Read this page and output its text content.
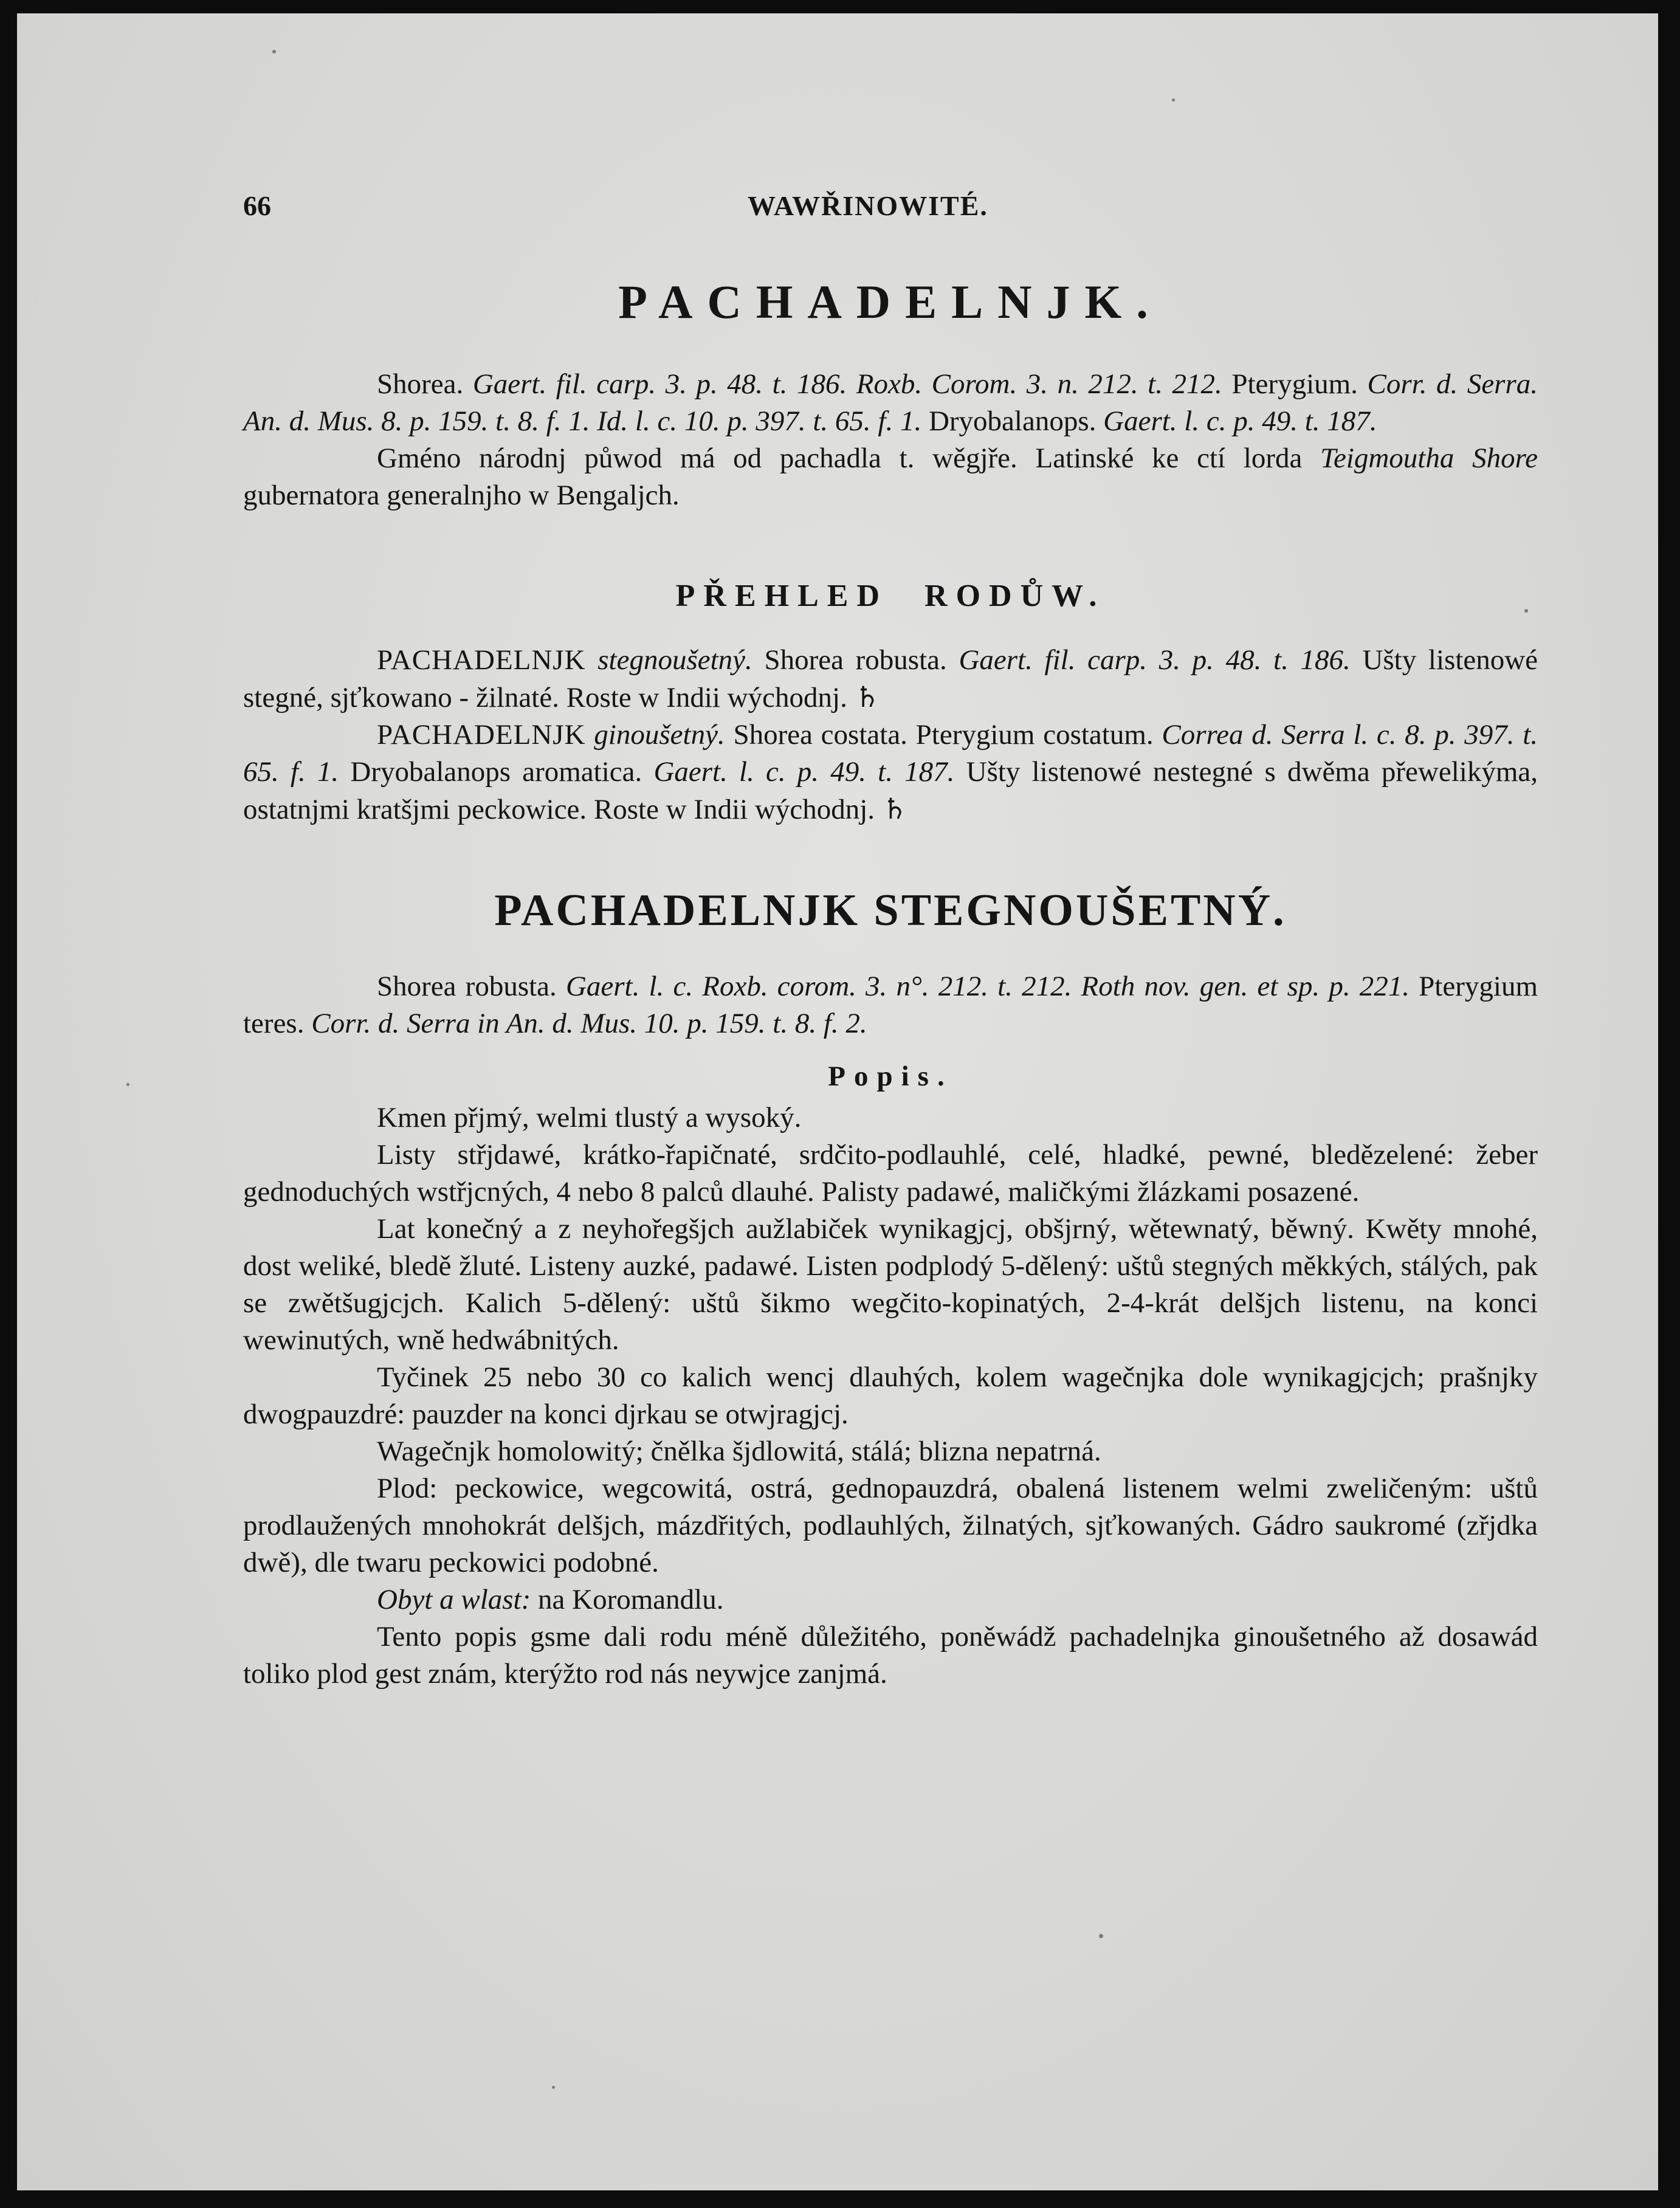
66	WAWŘINOWITÉ.
PACHADELNJK.

Shorea. Gaert. fil. carp. 3. p. 48. t. 186. Roxb. Corom. 3. n. 212. t. 212. Pterygium. Corr. d. Serra. An. d. Mus. 8. p. 159. t. 8. f. 1. Id. l. c. 10. p. 397. t. 65. f. 1. Dryobalanops. Gaert. l. c. p. 49. t. 187.

Gméno národnj půwod má od pachadla t. wěgjře. Latinské ke ctí lorda Teigmoutha Shore gubernatora generalnjho w Bengaljch.

PŘEHLED RODŮW.

PACHADELNJK stegnoušetný. Shorea robusta. Gaert. fil. carp. 3. p. 48. t. 186. Ušty listenowé stegné, sjťkowano - žilnaté. Roste w Indii wýchodnj. ♄

PACHADELNJK ginoušetný. Shorea costata. Pterygium costatum. Correa d. Serra l. c. 8. p. 397. t. 65. f. 1. Dryobalanops aromatica. Gaert. l. c. p. 49. t. 187. Ušty listenowé nestegné s dwěma přewelikýma, ostatnjmi kratšjmi peckowice. Roste w Indii wýchodnj. ♄

PACHADELNJK STEGNOUŠETNÝ.

Shorea robusta. Gaert. l. c. Roxb. corom. 3. n°. 212. t. 212. Roth nov. gen. et sp. p. 221. Pterygium teres. Corr. d. Serra in An. d. Mus. 10. p. 159. t. 8. f. 2.

Popis.

Kmen přjmý, welmi tlustý a wysoký.

Listy střjdawé, krátko-řapičnaté, srdčito-podlauhlé, celé, hladké, pewné, bledězelené: žeber gednoduchých wstřjcných, 4 nebo 8 palců dlauhé. Palisty padawé, maličkými žlázkami posazené.

Lat konečný a z neyhořegšjch aužlabiček wynikagjcj, obšjrný, wětewnatý, běwný. Kwěty mnohé, dost weliké, bledě žluté. Listeny auzké, padawé. Listen podplodý 5-dělený: uštů stegných měkkých, stálých, pak se zwětšugjcjch. Kalich 5-dělený: uštů šikmo wegčito-kopinatých, 2-4-krát delšjch listenu, na konci wewinutých, wně hedwábnitých.

Tyčinek 25 nebo 30 co kalich wencj dlauhých, kolem wagečnjka dole wynikagjcjch; prašnjky dwogpauzdré: pauzder na konci djrkau se otwjragjcj.

Wagečnjk homolowitý; čnělka šjdlowitá, stálá; blizna nepatrná.

Plod: peckowice, wegcowitá, ostrá, gednopauzdrá, obalená listenem welmi zweličeným: uštů prodlaužených mnohokrát delšjch, mázdřitých, podlauhlých, žilnatých, sjťkowaných. Gádro saukromé (zřjdka dwě), dle twaru peckowici podobné.

Obyt a wlast: na Koromandlu.

Tento popis gsme dali rodu méně důležitého, poněwádž pachadelnjka ginoušetného až dosawád toliko plod gest znám, kterýžto rod nás neywjce zanjmá.
